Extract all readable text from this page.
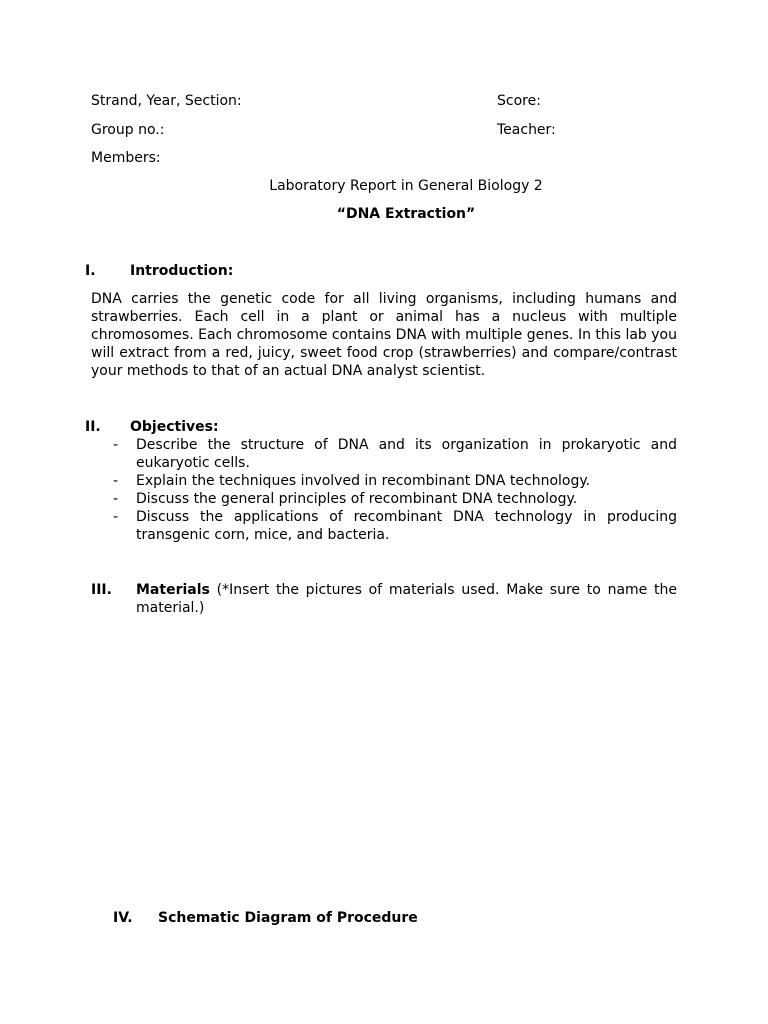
Strand, Year, Section:	Score:
Group no.:	Teacher:
Members:
Laboratory Report in General Biology 2
“DNA Extraction”
I. Introduction:
DNA carries the genetic code for all living organisms, including humans and strawberries. Each cell in a plant or animal has a nucleus with multiple chromosomes. Each chromosome contains DNA with multiple genes. In this lab you will extract from a red, juicy, sweet food crop (strawberries) and compare/contrast your methods to that of an actual DNA analyst scientist.
II. Objectives:
- Describe the structure of DNA and its organization in prokaryotic and eukaryotic cells.
- Explain the techniques involved in recombinant DNA technology.
- Discuss the general principles of recombinant DNA technology.
- Discuss the applications of recombinant DNA technology in producing transgenic corn, mice, and bacteria.
III. Materials (*Insert the pictures of materials used. Make sure to name the material.)
IV. Schematic Diagram of Procedure
